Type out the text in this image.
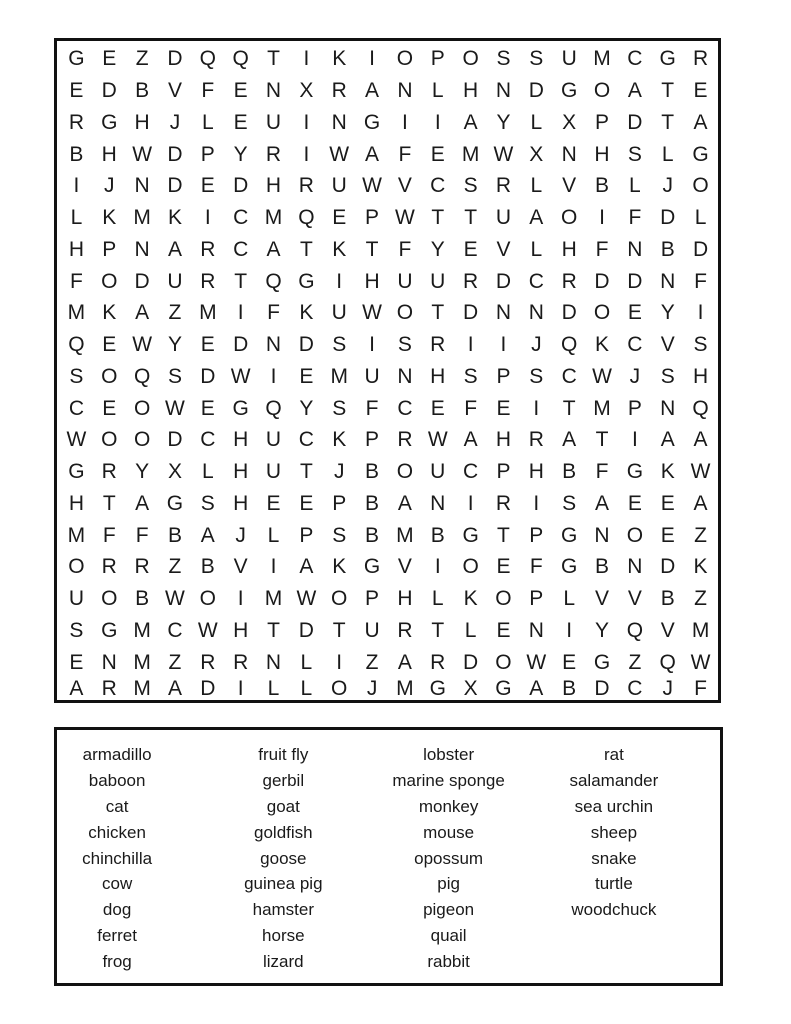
G E Z D Q Q T	I	K	I	O P O S S U M C G R
E D B V F E N X R A N L H N D G O A T E
R G H J	L E U	I	N G	I	I	A Y L X P D T A
B H W D P Y R	I W A F E M W X N H S L G
I	J N D E D H R U W V C S R L V B L	J O
L K M K	I	C M Q E P W T T U A O	I	F D L
H P N A R C A T K T F Y E V L H F N B D
F O D U R T Q G	I	H U U R D C R D D N F
M K A Z M	I	F K U W O T D N N D O E Y	I
Q E W Y E D N D S	I	S R	I	I	J Q K C V S
S O Q S D W I	E M U N H S P S C W J S H
C E O W E G Q Y S F C E F E	I	T M P N Q
W O O D C H U C K P R W A H R A T	I	A A
G R Y X L H U T	J B O U C P H B F G K W
H T A G S H E E P B A N	I	R	I	S A E E A
M F F B A J	L P S B M B G T P G N O E Z
O R R Z B V	I	A K G V	I	O E F G B N D K
U O B W O	I	M W O P H L K O P L V V B Z
S G M C W H T D T U R T L E N	I	Y Q V M
E N M Z R R N L	I	Z A R D O W E G Z Q W
A R M A D	I	L	L O J M G X G A B D C J	F
armadillo
baboon
cat
chicken
chinchilla
cow
dog
ferret
frog
fruit fly
gerbil
goat
goldfish
goose
guinea pig
hamster
horse
lizard
lobster
marine sponge
monkey
mouse
opossum
pig
pigeon
quail
rabbit
rat
salamander
sea urchin
sheep
snake
turtle
woodchuck
